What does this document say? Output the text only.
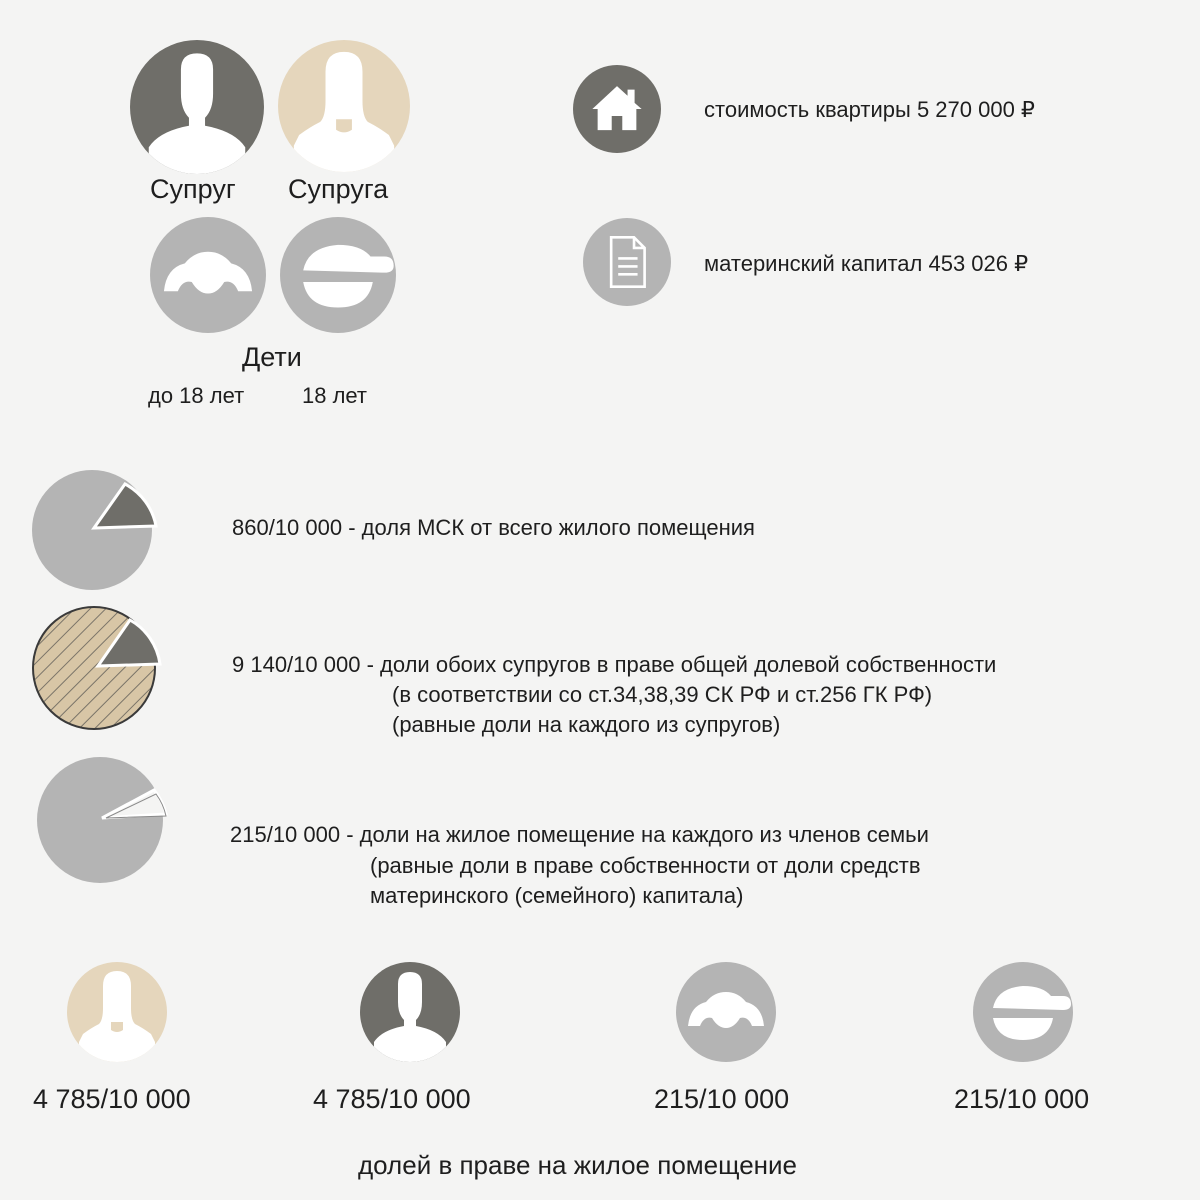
Супруг Супруга
Дети
до 18 лет	18 лет
стоимость квартиры 5 270 000 ₽
материнский капитал 453 026 ₽
860/10 000 - доля МСК от всего жилого помещения
9 140/10 000 - доли обоих супругов в праве общей долевой собственности
(в соответствии со ст.34,38,39 СК РФ и ст.256 ГК РФ)
(равные доли на каждого из супругов)
215/10 000 - доли на жилое помещение на каждого из членов семьи
(равные доли в праве собственности от доли средств
материнского (семейного) капитала)
4 785/10 000	4 785/10 000	215/10 000	215/10 000
долей в праве на жилое помещение
